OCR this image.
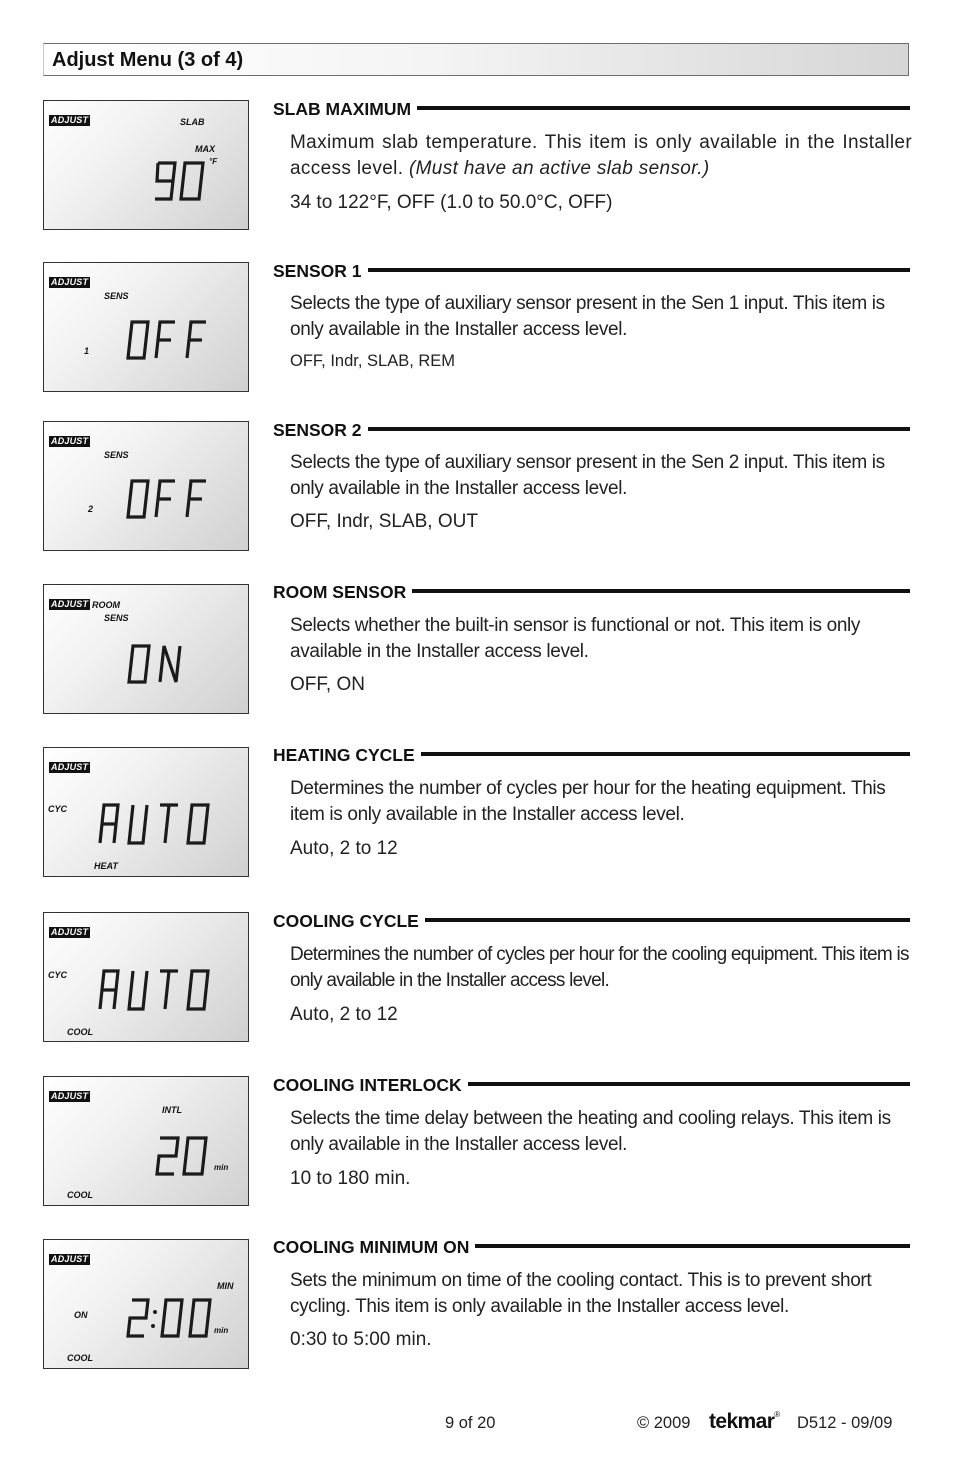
Adjust Menu (3 of 4)
ADJUST	SLAB
MAX
°F
SLAB MAXIMUM
Maximum slab temperature. This item is only available in the Installer access level. (Must have an active slab sensor.)
34 to 122°F, OFF (1.0 to 50.0°C, OFF)
ADJUST
SENS
1
SENSOR 1
Selects the type of auxiliary sensor present in the Sen 1 input. This item is only available in the Installer access level.
OFF, Indr, SLAB, REM
ADJUST
SENS
2
SENSOR 2
Selects the type of auxiliary sensor present in the Sen 2 input. This item is only available in the Installer access level.
OFF, Indr, SLAB, OUT
ADJUST ROOM
SENS
ROOM SENSOR
Selects whether the built-in sensor is functional or not. This item is only available in the Installer access level.
OFF, ON
ADJUST
CYC
HEAT
HEATING CYCLE
Determines the number of cycles per hour for the heating equipment. This item is only available in the Installer access level.
Auto, 2 to 12
ADJUST
CYC
COOL
COOLING CYCLE
Determines the number of cycles per hour for the cooling equipment. This item is only available in the Installer access level.
Auto, 2 to 12
ADJUST
INTL
min
COOL
COOLING INTERLOCK
Selects the time delay between the heating and cooling relays. This item is only available in the Installer access level.
10 to 180 min.
ADJUST
MIN
ON
min
COOL
COOLING MINIMUM ON
Sets the minimum on time of the cooling contact. This is to prevent short cycling. This item is only available in the Installer access level.
0:30 to 5:00 min.
9 of 20	© 2009 tekmar® D512 - 09/09
